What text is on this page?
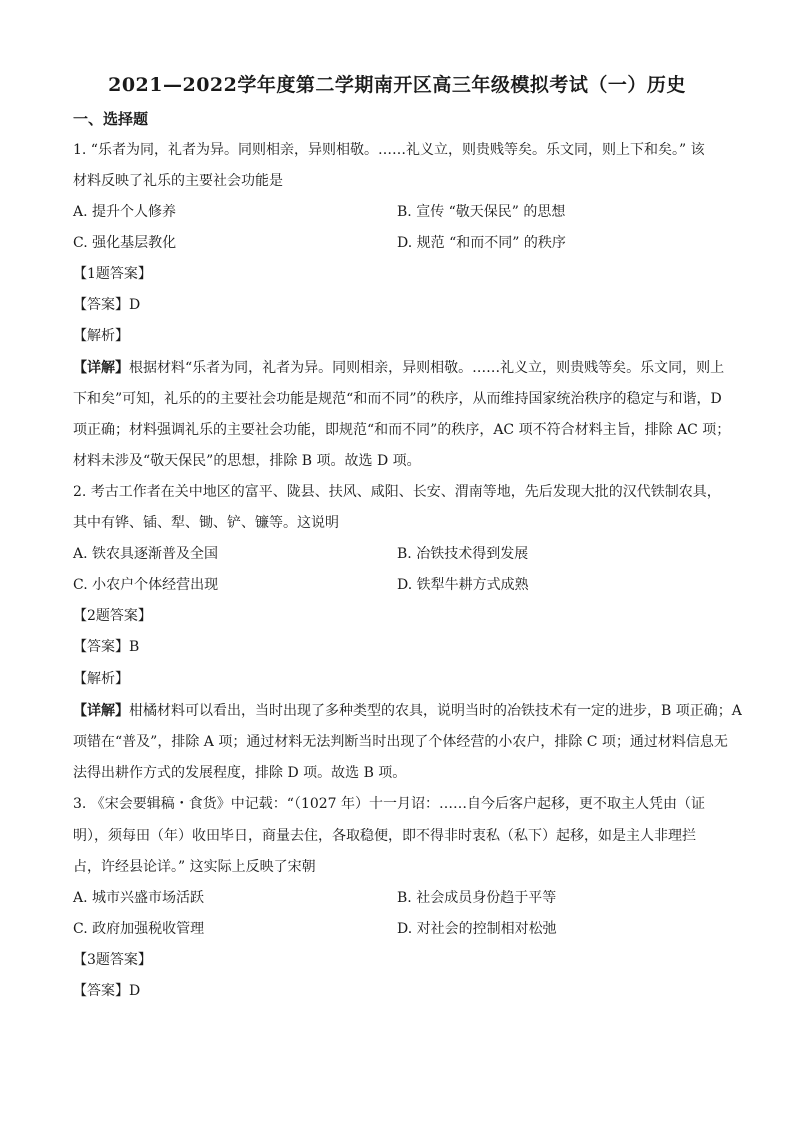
2021—2022学年度第二学期南开区高三年级模拟考试（一）历史
一、选择题
1. “乐者为同，礼者为异。同则相亲，异则相敬。……礼义立，则贵贱等矣。乐文同，则上下和矣。” 该
材料反映了礼乐的主要社会功能是
A. 提升个人修养	B. 宣传 “敬天保民” 的思想
C. 强化基层教化	D. 规范 “和而不同” 的秩序
【1题答案】
【答案】D
【解析】
【详解】根据材料“乐者为同，礼者为异。同则相亲，异则相敬。……礼义立，则贵贱等矣。乐文同，则上
下和矣”可知，礼乐的的主要社会功能是规范“和而不同”的秩序，从而维持国家统治秩序的稳定与和谐，D
项正确；材料强调礼乐的主要社会功能，即规范“和而不同”的秩序，AC 项不符合材料主旨，排除 AC 项；
材料未涉及“敬天保民”的思想，排除 B 项。故选 D 项。
2. 考古工作者在关中地区的富平、陇县、扶风、咸阳、长安、渭南等地，先后发现大批的汉代铁制农具，
其中有铧、锸、犁、锄、铲、镰等。这说明
A. 铁农具逐渐普及全国	B. 冶铁技术得到发展
C. 小农户个体经营出现	D. 铁犁牛耕方式成熟
【2题答案】
【答案】B
【解析】
【详解】柑橘材料可以看出，当时出现了多种类型的农具，说明当时的冶铁技术有一定的进步，B 项正确；A
项错在“普及”，排除 A 项；通过材料无法判断当时出现了个体经营的小农户，排除 C 项；通过材料信息无
法得出耕作方式的发展程度，排除 D 项。故选 B 项。
3. 《宋会要辑稿・食货》中记载：“（1027 年）十一月诏：……自今后客户起移，更不取主人凭由（证
明），须每田（年）收田毕日，商量去住，各取稳便，即不得非时衷私（私下）起移，如是主人非理拦
占，许经县论详。” 这实际上反映了宋朝
A. 城市兴盛市场活跃	B. 社会成员身份趋于平等
C. 政府加强税收管理	D. 对社会的控制相对松弛
【3题答案】
【答案】D
